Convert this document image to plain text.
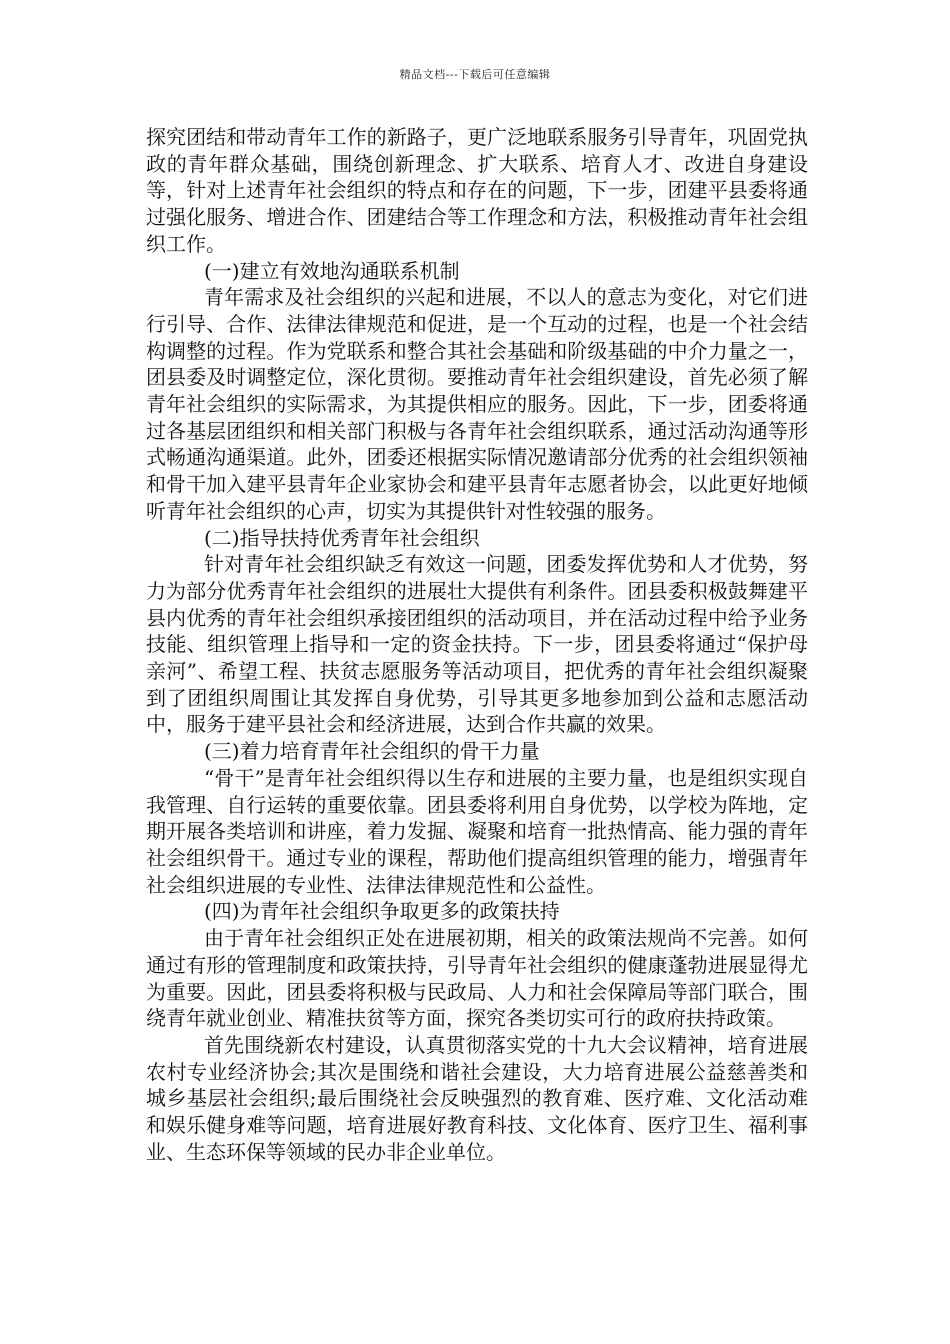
精品文档---下载后可任意编辑

探究团结和带动青年工作的新路子，更广泛地联系服务引导青年，巩固党执政的青年群众基础，围绕创新理念、扩大联系、培育人才、改进自身建设等，针对上述青年社会组织的特点和存在的问题，下一步，团建平县委将通过强化服务、增进合作、团建结合等工作理念和方法，积极推动青年社会组织工作。

(一)建立有效地沟通联系机制

青年需求及社会组织的兴起和进展，不以人的意志为变化，对它们进行引导、合作、法律法律规范和促进，是一个互动的过程，也是一个社会结构调整的过程。作为党联系和整合其社会基础和阶级基础的中介力量之一，团县委及时调整定位，深化贯彻。要推动青年社会组织建设，首先必须了解青年社会组织的实际需求，为其提供相应的服务。因此，下一步，团委将通过各基层团组织和相关部门积极与各青年社会组织联系，通过活动沟通等形式畅通沟通渠道。此外，团委还根据实际情况邀请部分优秀的社会组织领袖和骨干加入建平县青年企业家协会和建平县青年志愿者协会，以此更好地倾听青年社会组织的心声，切实为其提供针对性较强的服务。

(二)指导扶持优秀青年社会组织

针对青年社会组织缺乏有效这一问题，团委发挥优势和人才优势，努力为部分优秀青年社会组织的进展壮大提供有利条件。团县委积极鼓舞建平县内优秀的青年社会组织承接团组织的活动项目，并在活动过程中给予业务技能、组织管理上指导和一定的资金扶持。下一步，团县委将通过“保护母亲河”、希望工程、扶贫志愿服务等活动项目，把优秀的青年社会组织凝聚到了团组织周围让其发挥自身优势，引导其更多地参加到公益和志愿活动中，服务于建平县社会和经济进展，达到合作共赢的效果。

(三)着力培育青年社会组织的骨干力量

“骨干”是青年社会组织得以生存和进展的主要力量，也是组织实现自我管理、自行运转的重要依靠。团县委将利用自身优势，以学校为阵地，定期开展各类培训和讲座，着力发掘、凝聚和培育一批热情高、能力强的青年社会组织骨干。通过专业的课程，帮助他们提高组织管理的能力，增强青年社会组织进展的专业性、法律法律规范性和公益性。

(四)为青年社会组织争取更多的政策扶持

由于青年社会组织正处在进展初期，相关的政策法规尚不完善。如何通过有形的管理制度和政策扶持，引导青年社会组织的健康蓬勃进展显得尤为重要。因此，团县委将积极与民政局、人力和社会保障局等部门联合，围绕青年就业创业、精准扶贫等方面，探究各类切实可行的政府扶持政策。

首先围绕新农村建设，认真贯彻落实党的十九大会议精神，培育进展农村专业经济协会;其次是围绕和谐社会建设，大力培育进展公益慈善类和城乡基层社会组织;最后围绕社会反映强烈的教育难、医疗难、文化活动难和娱乐健身难等问题，培育进展好教育科技、文化体育、医疗卫生、福利事业、生态环保等领域的民办非企业单位。
